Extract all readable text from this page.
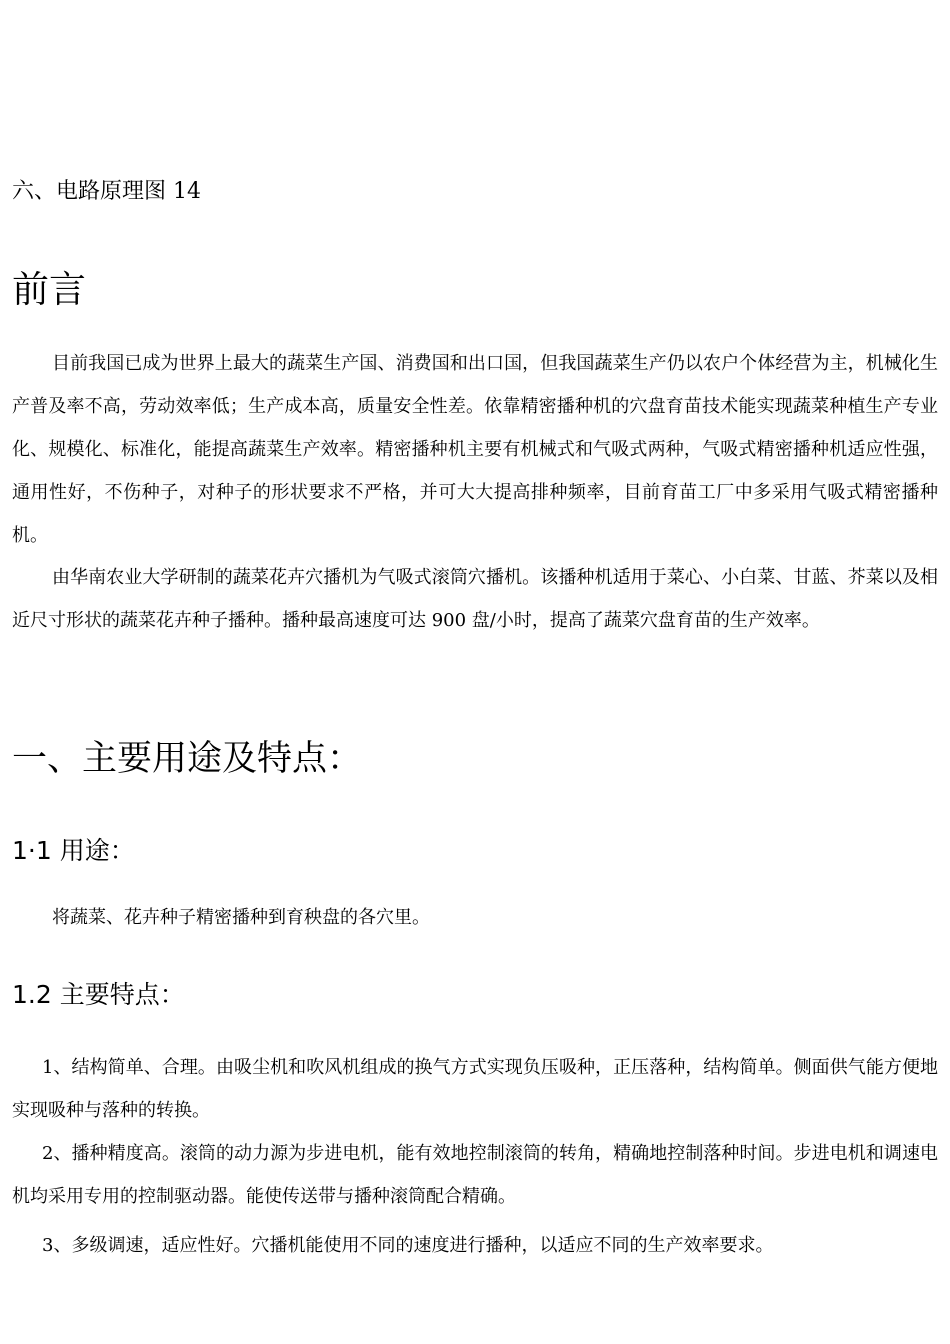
六、电路原理图 14
前言

目前我国已成为世界上最大的蔬菜生产国、消费国和出口国，但我国蔬菜生产仍以农户个体经营为主，机械化生产普及率不高，劳动效率低；生产成本高，质量安全性差。依靠精密播种机的穴盘育苗技术能实现蔬菜种植生产专业化、规模化、标准化，能提高蔬菜生产效率。精密播种机主要有机械式和气吸式两种，气吸式精密播种机适应性强，通用性好，不伤种子，对种子的形状要求不严格，并可大大提高排种频率，目前育苗工厂中多采用气吸式精密播种机。

由华南农业大学研制的蔬菜花卉穴播机为气吸式滚筒穴播机。该播种机适用于菜心、小白菜、甘蓝、芥菜以及相近尺寸形状的蔬菜花卉种子播种。播种最高速度可达 900 盘/小时，提高了蔬菜穴盘育苗的生产效率。

一、主要用途及特点：
1·1 用途：

将蔬菜、花卉种子精密播种到育秧盘的各穴里。

1.2 主要特点：

1、结构简单、合理。由吸尘机和吹风机组成的换气方式实现负压吸种，正压落种，结构简单。侧面供气能方便地实现吸种与落种的转换。

2、播种精度高。滚筒的动力源为步进电机，能有效地控制滚筒的转角，精确地控制落种时间。步进电机和调速电机均采用专用的控制驱动器。能使传送带与播种滚筒配合精确。

3、多级调速，适应性好。穴播机能使用不同的速度进行播种，以适应不同的生产效率要求。
